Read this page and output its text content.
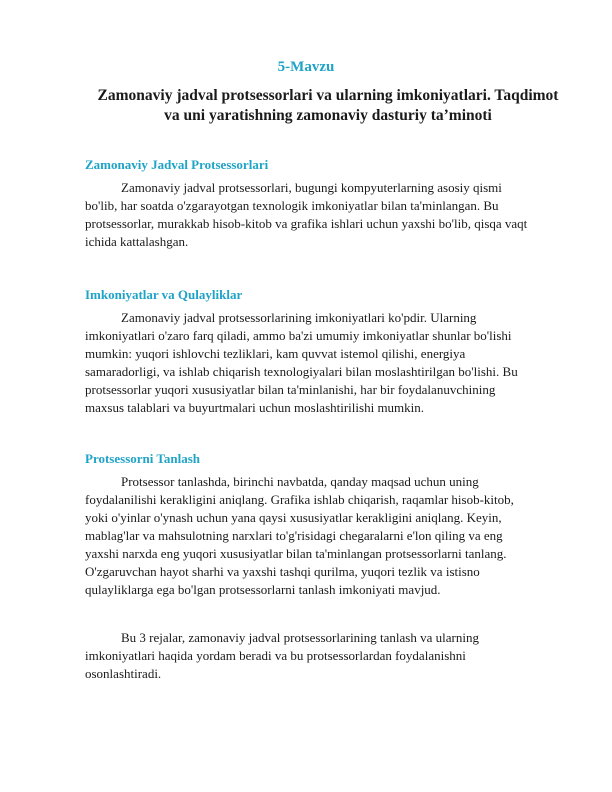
5-Mavzu
Zamonaviy jadval protsessorlari va ularning imkoniyatlari. Taqdimot
va uni yaratishning zamonaviy dasturiy ta’minoti
Zamonaviy Jadval Protsessorlari
Zamonaviy jadval protsessorlari, bugungi kompyuterlarning asosiy qismi
bo'lib, har soatda o'zgarayotgan texnologik imkoniyatlar bilan ta'minlangan. Bu
protsessorlar, murakkab hisob-kitob va grafika ishlari uchun yaxshi bo'lib, qisqa vaqt
ichida kattalashgan.
Imkoniyatlar va Qulayliklar
Zamonaviy jadval protsessorlarining imkoniyatlari ko'pdir. Ularning
imkoniyatlari o'zaro farq qiladi, ammo ba'zi umumiy imkoniyatlar shunlar bo'lishi
mumkin: yuqori ishlovchi tezliklari, kam quvvat istemol qilishi, energiya
samaradorligi, va ishlab chiqarish texnologiyalari bilan moslashtirilgan bo'lishi. Bu
protsessorlar yuqori xususiyatlar bilan ta'minlanishi, har bir foydalanuvchining
maxsus talablari va buyurtmalari uchun moslashtirilishi mumkin.
Protsessorni Tanlash
Protsessor tanlashda, birinchi navbatda, qanday maqsad uchun uning
foydalanilishi kerakligini aniqlang. Grafika ishlab chiqarish, raqamlar hisob-kitob,
yoki o'yinlar o'ynash uchun yana qaysi xususiyatlar kerakligini aniqlang. Keyin,
mablag'lar va mahsulotning narxlari to'g'risidagi chegaralarni e'lon qiling va eng
yaxshi narxda eng yuqori xususiyatlar bilan ta'minlangan protsessorlarni tanlang.
O'zgaruvchan hayot sharhi va yaxshi tashqi qurilma, yuqori tezlik va istisno
qulayliklarga ega bo'lgan protsessorlarni tanlash imkoniyati mavjud.
Bu 3 rejalar, zamonaviy jadval protsessorlarining tanlash va ularning
imkoniyatlari haqida yordam beradi va bu protsessorlardan foydalanishni
osonlashtiradi.
